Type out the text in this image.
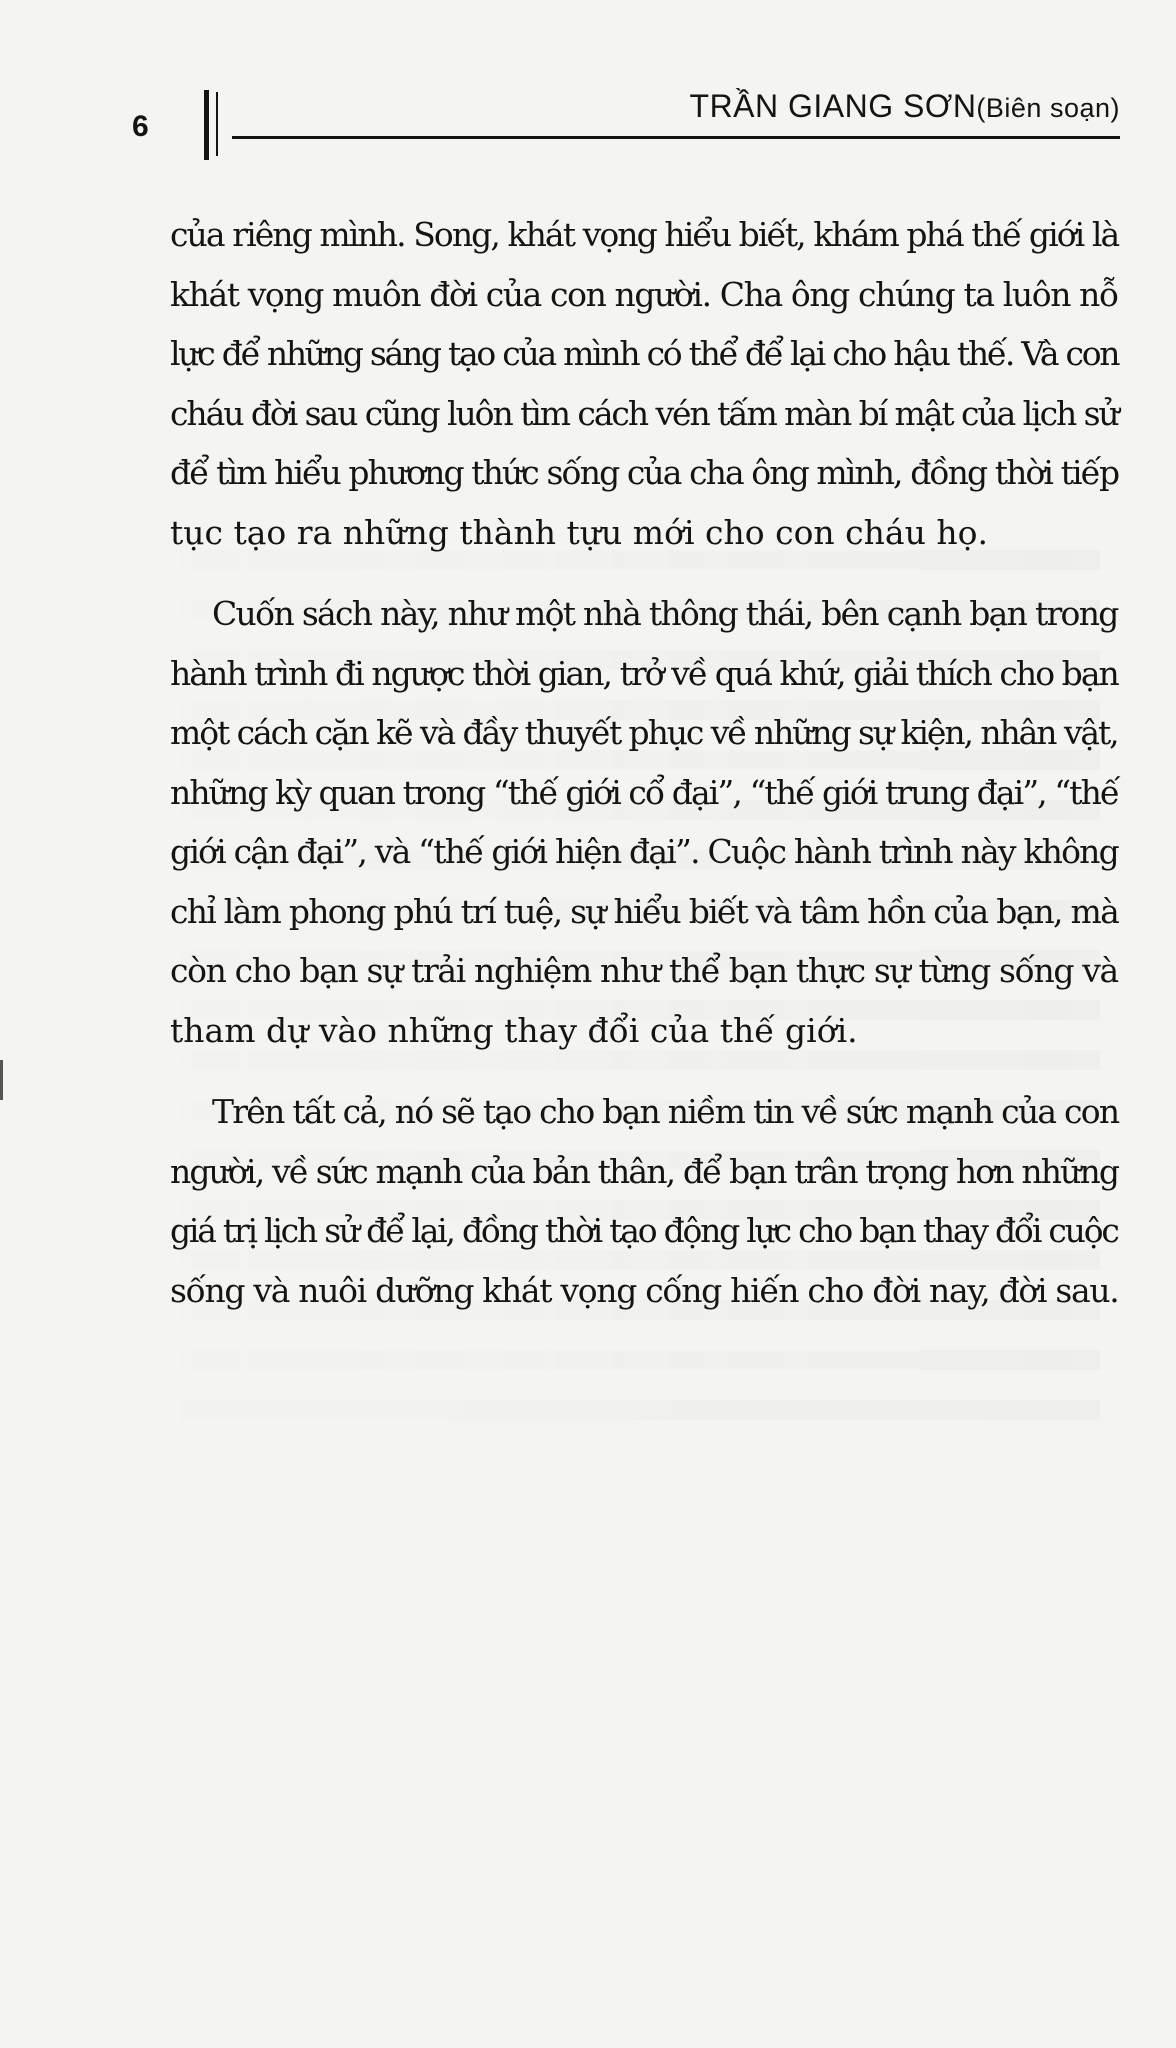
6
TRẦN GIANG SƠN(Biên soạn)

của riêng mình. Song, khát vọng hiểu biết, khám phá thế giới là
khát vọng muôn đời của con người. Cha ông chúng ta luôn nỗ
lực để những sáng tạo của mình có thể để lại cho hậu thế. Và con
cháu đời sau cũng luôn tìm cách vén tấm màn bí mật của lịch sử
để tìm hiểu phương thức sống của cha ông mình, đồng thời tiếp
tục tạo ra những thành tựu mới cho con cháu họ.

Cuốn sách này, như một nhà thông thái, bên cạnh bạn trong
hành trình đi ngược thời gian, trở về quá khứ, giải thích cho bạn
một cách cặn kẽ và đầy thuyết phục về những sự kiện, nhân vật,
những kỳ quan trong “thế giới cổ đại”, “thế giới trung đại”, “thế
giới cận đại”, và “thế giới hiện đại”. Cuộc hành trình này không
chỉ làm phong phú trí tuệ, sự hiểu biết và tâm hồn của bạn, mà
còn cho bạn sự trải nghiệm như thể bạn thực sự từng sống và
tham dự vào những thay đổi của thế giới.

Trên tất cả, nó sẽ tạo cho bạn niềm tin về sức mạnh của con
người, về sức mạnh của bản thân, để bạn trân trọng hơn những
giá trị lịch sử để lại, đồng thời tạo động lực cho bạn thay đổi cuộc
sống và nuôi dưỡng khát vọng cống hiến cho đời nay, đời sau.
